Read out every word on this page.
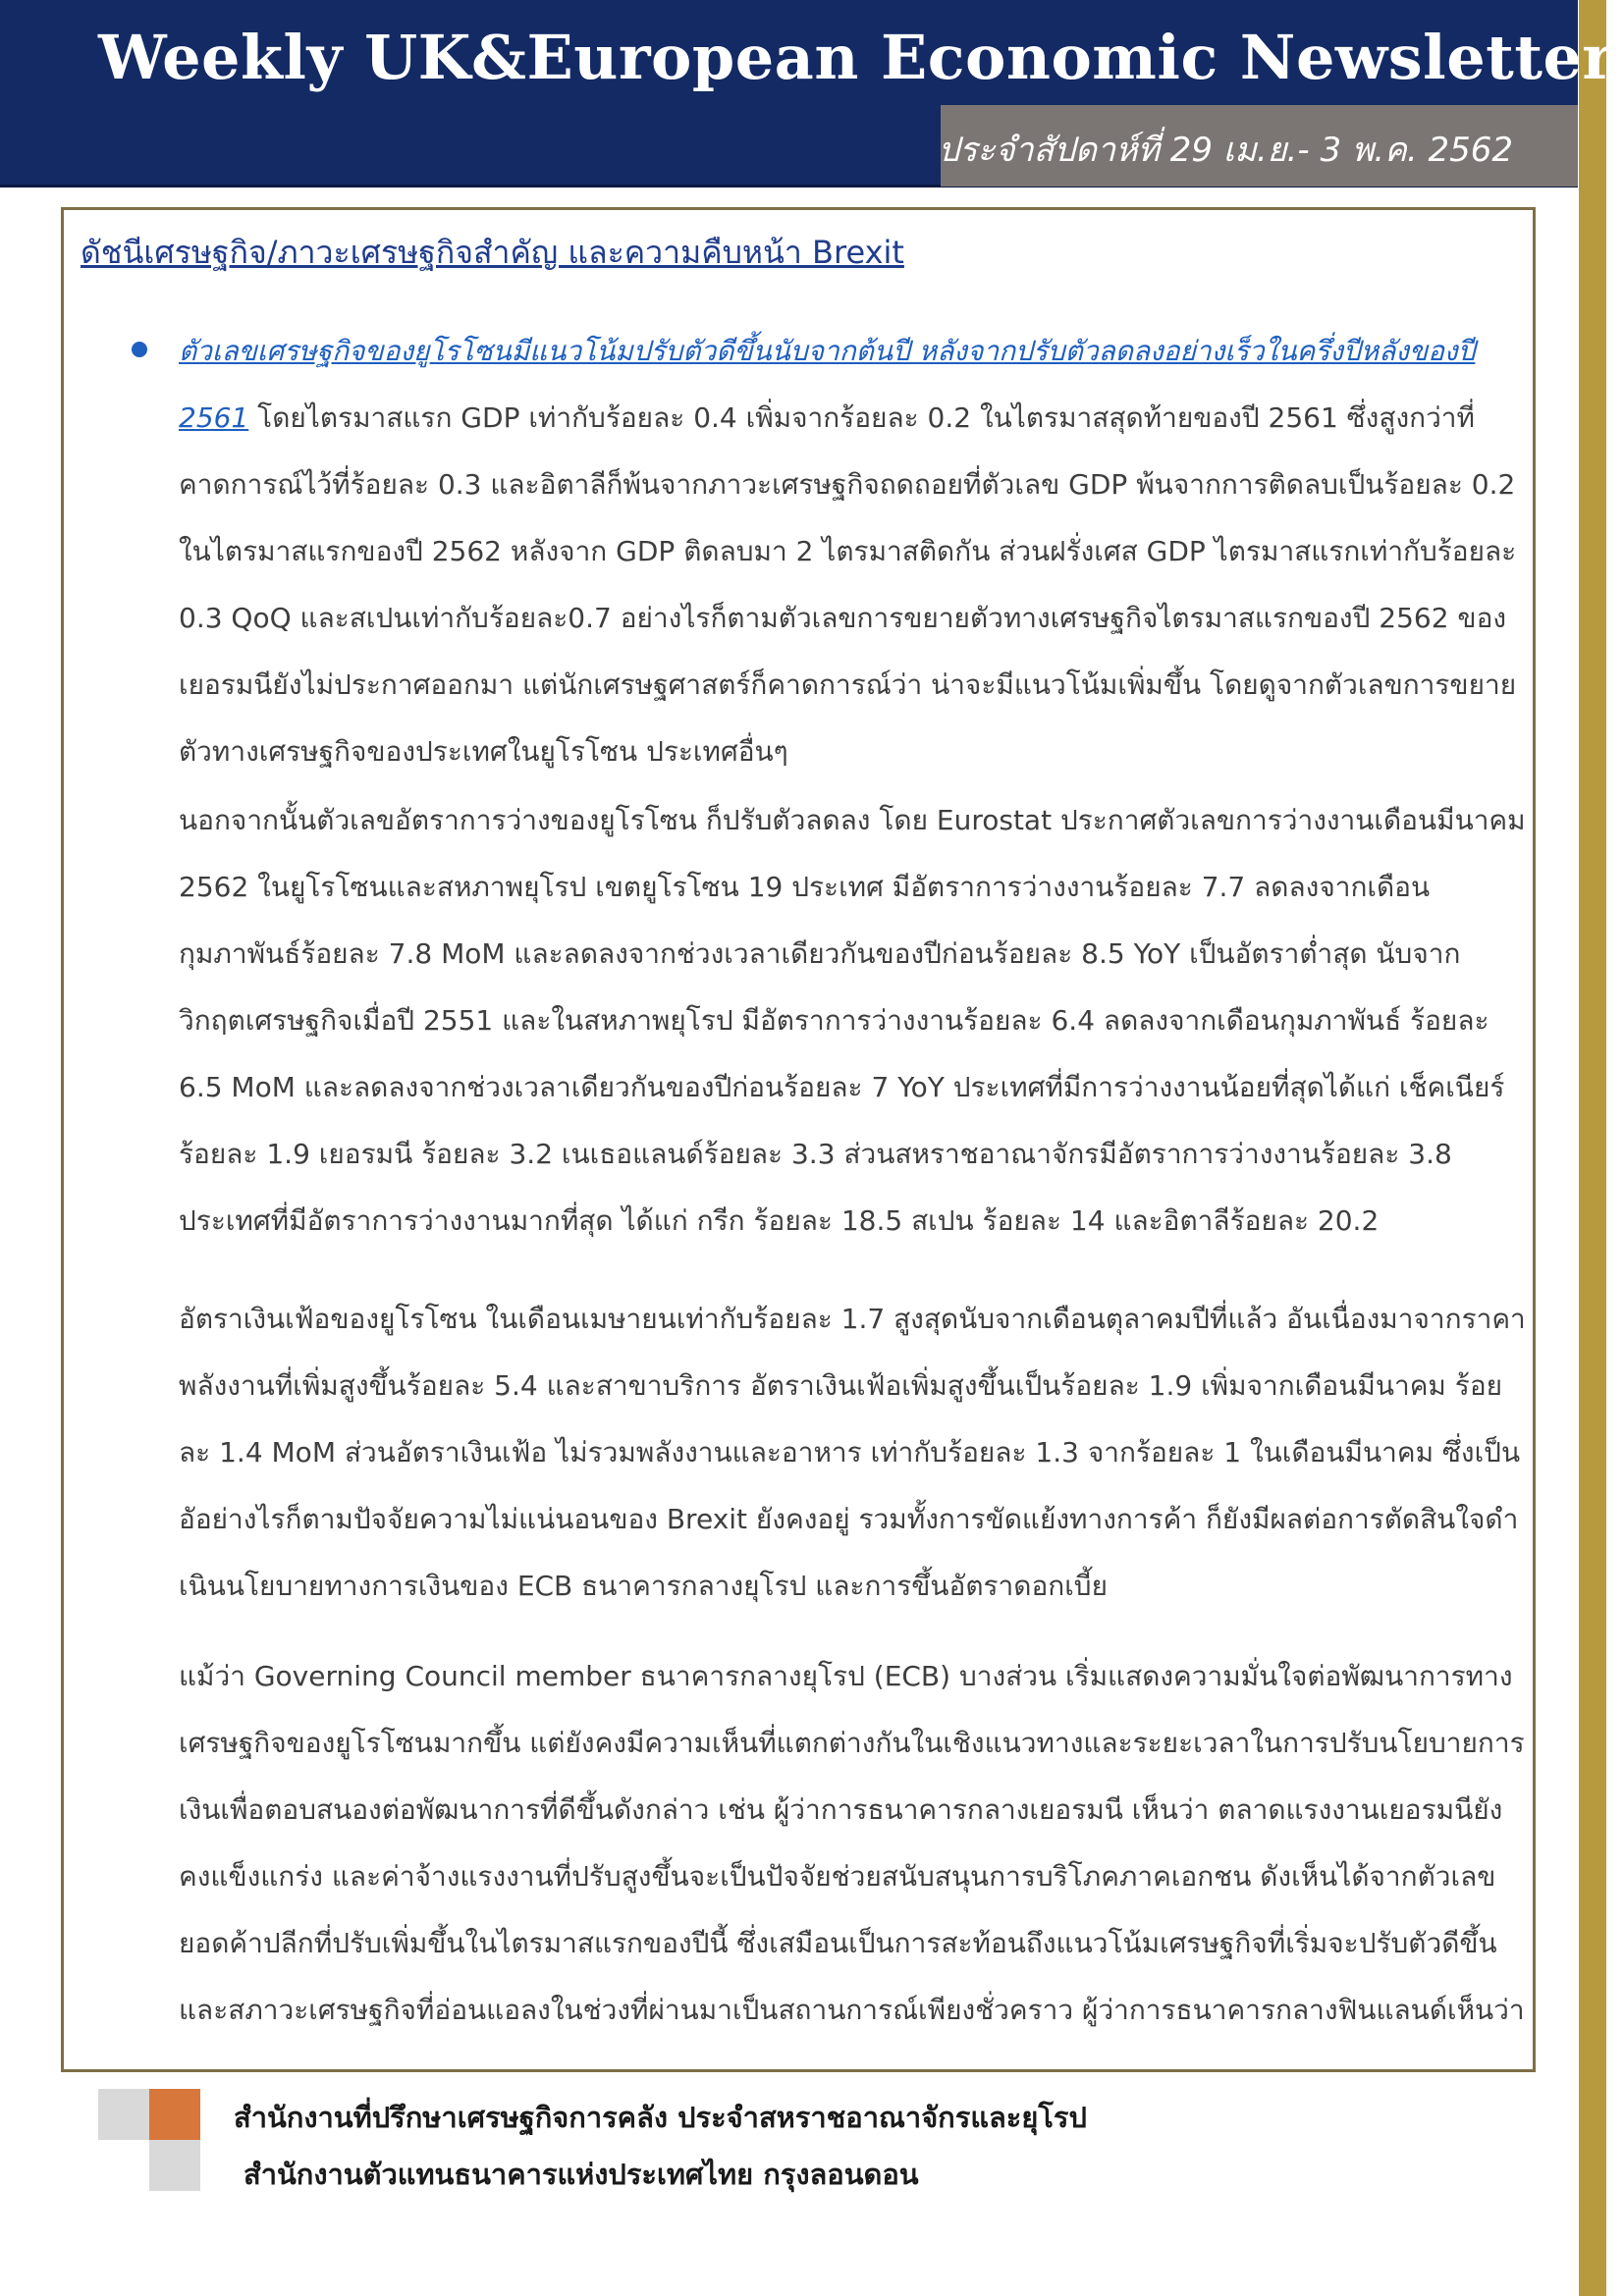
Weekly UK&European Economic Newsletter
ประจำสัปดาห์ที่ 29 เม.ย.- 3 พ.ค. 2562
ดัชนีเศรษฐกิจ/ภาวะเศรษฐกิจสำคัญ และความคืบหน้า Brexit

ตัวเลขเศรษฐกิจของยูโรโซนมีแนวโน้มปรับตัวดีขึ้นนับจากต้นปี หลังจากปรับตัวลดลงอย่างเร็วในครึ่งปีหลังของปี 2561 โดยไตรมาสแรก GDP เท่ากับร้อยละ 0.4 เพิ่มจากร้อยละ 0.2 ในไตรมาสสุดท้ายของปี 2561 ซึ่งสูงกว่าที่คาดการณ์ไว้ที่ร้อยละ 0.3 และอิตาลีก็พ้นจากภาวะเศรษฐกิจถดถอยที่ตัวเลข GDP พ้นจากการติดลบเป็นร้อยละ 0.2 ในไตรมาสแรกของปี 2562 หลังจาก GDP ติดลบมา 2 ไตรมาสติดกัน ส่วนฝรั่งเศส GDP ไตรมาสแรกเท่ากับร้อยละ 0.3 QoQ และสเปนเท่ากับร้อยละ0.7 อย่างไรก็ตามตัวเลขการขยายตัวทางเศรษฐกิจไตรมาสแรกของปี 2562 ของเยอรมนียังไม่ประกาศออกมา แต่นักเศรษฐศาสตร์ก็คาดการณ์ว่า น่าจะมีแนวโน้มเพิ่มขึ้น โดยดูจากตัวเลขการขยายตัวทางเศรษฐกิจของประเทศในยูโรโซน ประเทศอื่นๆ

นอกจากนั้นตัวเลขอัตราการว่างของยูโรโซน ก็ปรับตัวลดลง โดย Eurostat ประกาศตัวเลขการว่างงานเดือนมีนาคม 2562 ในยูโรโซนและสหภาพยุโรป เขตยูโรโซน 19 ประเทศ มีอัตราการว่างงานร้อยละ 7.7 ลดลงจากเดือนกุมภาพันธ์ร้อยละ 7.8 MoM และลดลงจากช่วงเวลาเดียวกันของปีก่อนร้อยละ 8.5 YoY เป็นอัตราต่ำสุด นับจาก วิกฤตเศรษฐกิจเมื่อปี 2551 และในสหภาพยุโรป มีอัตราการว่างงานร้อยละ 6.4 ลดลงจากเดือนกุมภาพันธ์ ร้อยละ 6.5 MoM และลดลงจากช่วงเวลาเดียวกันของปีก่อนร้อยละ 7 YoY ประเทศที่มีการว่างงานน้อยที่สุดได้แก่ เช็คเนียร์ ร้อยละ 1.9 เยอรมนี ร้อยละ 3.2 เนเธอแลนด์ร้อยละ 3.3 ส่วนสหราชอาณาจักรมีอัตราการว่างงานร้อยละ 3.8 ประเทศที่มีอัตราการว่างงานมากที่สุด ได้แก่ กรีก ร้อยละ 18.5 สเปน ร้อยละ 14 และอิตาลีร้อยละ 20.2

อัตราเงินเฟ้อของยูโรโซน ในเดือนเมษายนเท่ากับร้อยละ 1.7 สูงสุดนับจากเดือนตุลาคมปีที่แล้ว อันเนื่องมาจากราคาพลังงานที่เพิ่มสูงขึ้นร้อยละ 5.4 และสาขาบริการ อัตราเงินเฟ้อเพิ่มสูงขึ้นเป็นร้อยละ 1.9 เพิ่มจากเดือนมีนาคม ร้อยละ 1.4 MoM ส่วนอัตราเงินเฟ้อ ไม่รวมพลังงานและอาหาร เท่ากับร้อยละ 1.3 จากร้อยละ 1 ในเดือนมีนาคม ซึ่งเป็นอัอย่างไรก็ตามปัจจัยความไม่แน่นอนของ Brexit ยังคงอยู่ รวมทั้งการขัดแย้งทางการค้า ก็ยังมีผลต่อการตัดสินใจดำเนินนโยบายทางการเงินของ ECB ธนาคารกลางยุโรป และการขึ้นอัตราดอกเบี้ย

แม้ว่า Governing Council member ธนาคารกลางยุโรป (ECB) บางส่วน เริ่มแสดงความมั่นใจต่อพัฒนาการทางเศรษฐกิจของยูโรโซนมากขึ้น แต่ยังคงมีความเห็นที่แตกต่างกันในเชิงแนวทางและระยะเวลาในการปรับนโยบายการเงินเพื่อตอบสนองต่อพัฒนาการที่ดีขึ้นดังกล่าว เช่น ผู้ว่าการธนาคารกลางเยอรมนี เห็นว่า ตลาดแรงงานเยอรมนียังคงแข็งแกร่ง และค่าจ้างแรงงานที่ปรับสูงขึ้นจะเป็นปัจจัยช่วยสนับสนุนการบริโภคภาคเอกชน ดังเห็นได้จากตัวเลขยอดค้าปลีกที่ปรับเพิ่มขึ้นในไตรมาสแรกของปีนี้ ซึ่งเสมือนเป็นการสะท้อนถึงแนวโน้มเศรษฐกิจที่เริ่มจะปรับตัวดีขึ้น และสภาวะเศรษฐกิจที่อ่อนแอลงในช่วงที่ผ่านมาเป็นสถานการณ์เพียงชั่วคราว ผู้ว่าการธนาคารกลางฟินแลนด์เห็นว่า

สำนักงานที่ปรึกษาเศรษฐกิจการคลัง ประจำสหราชอาณาจักรและยุโรป
สำนักงานตัวแทนธนาคารแห่งประเทศไทย กรุงลอนดอน
